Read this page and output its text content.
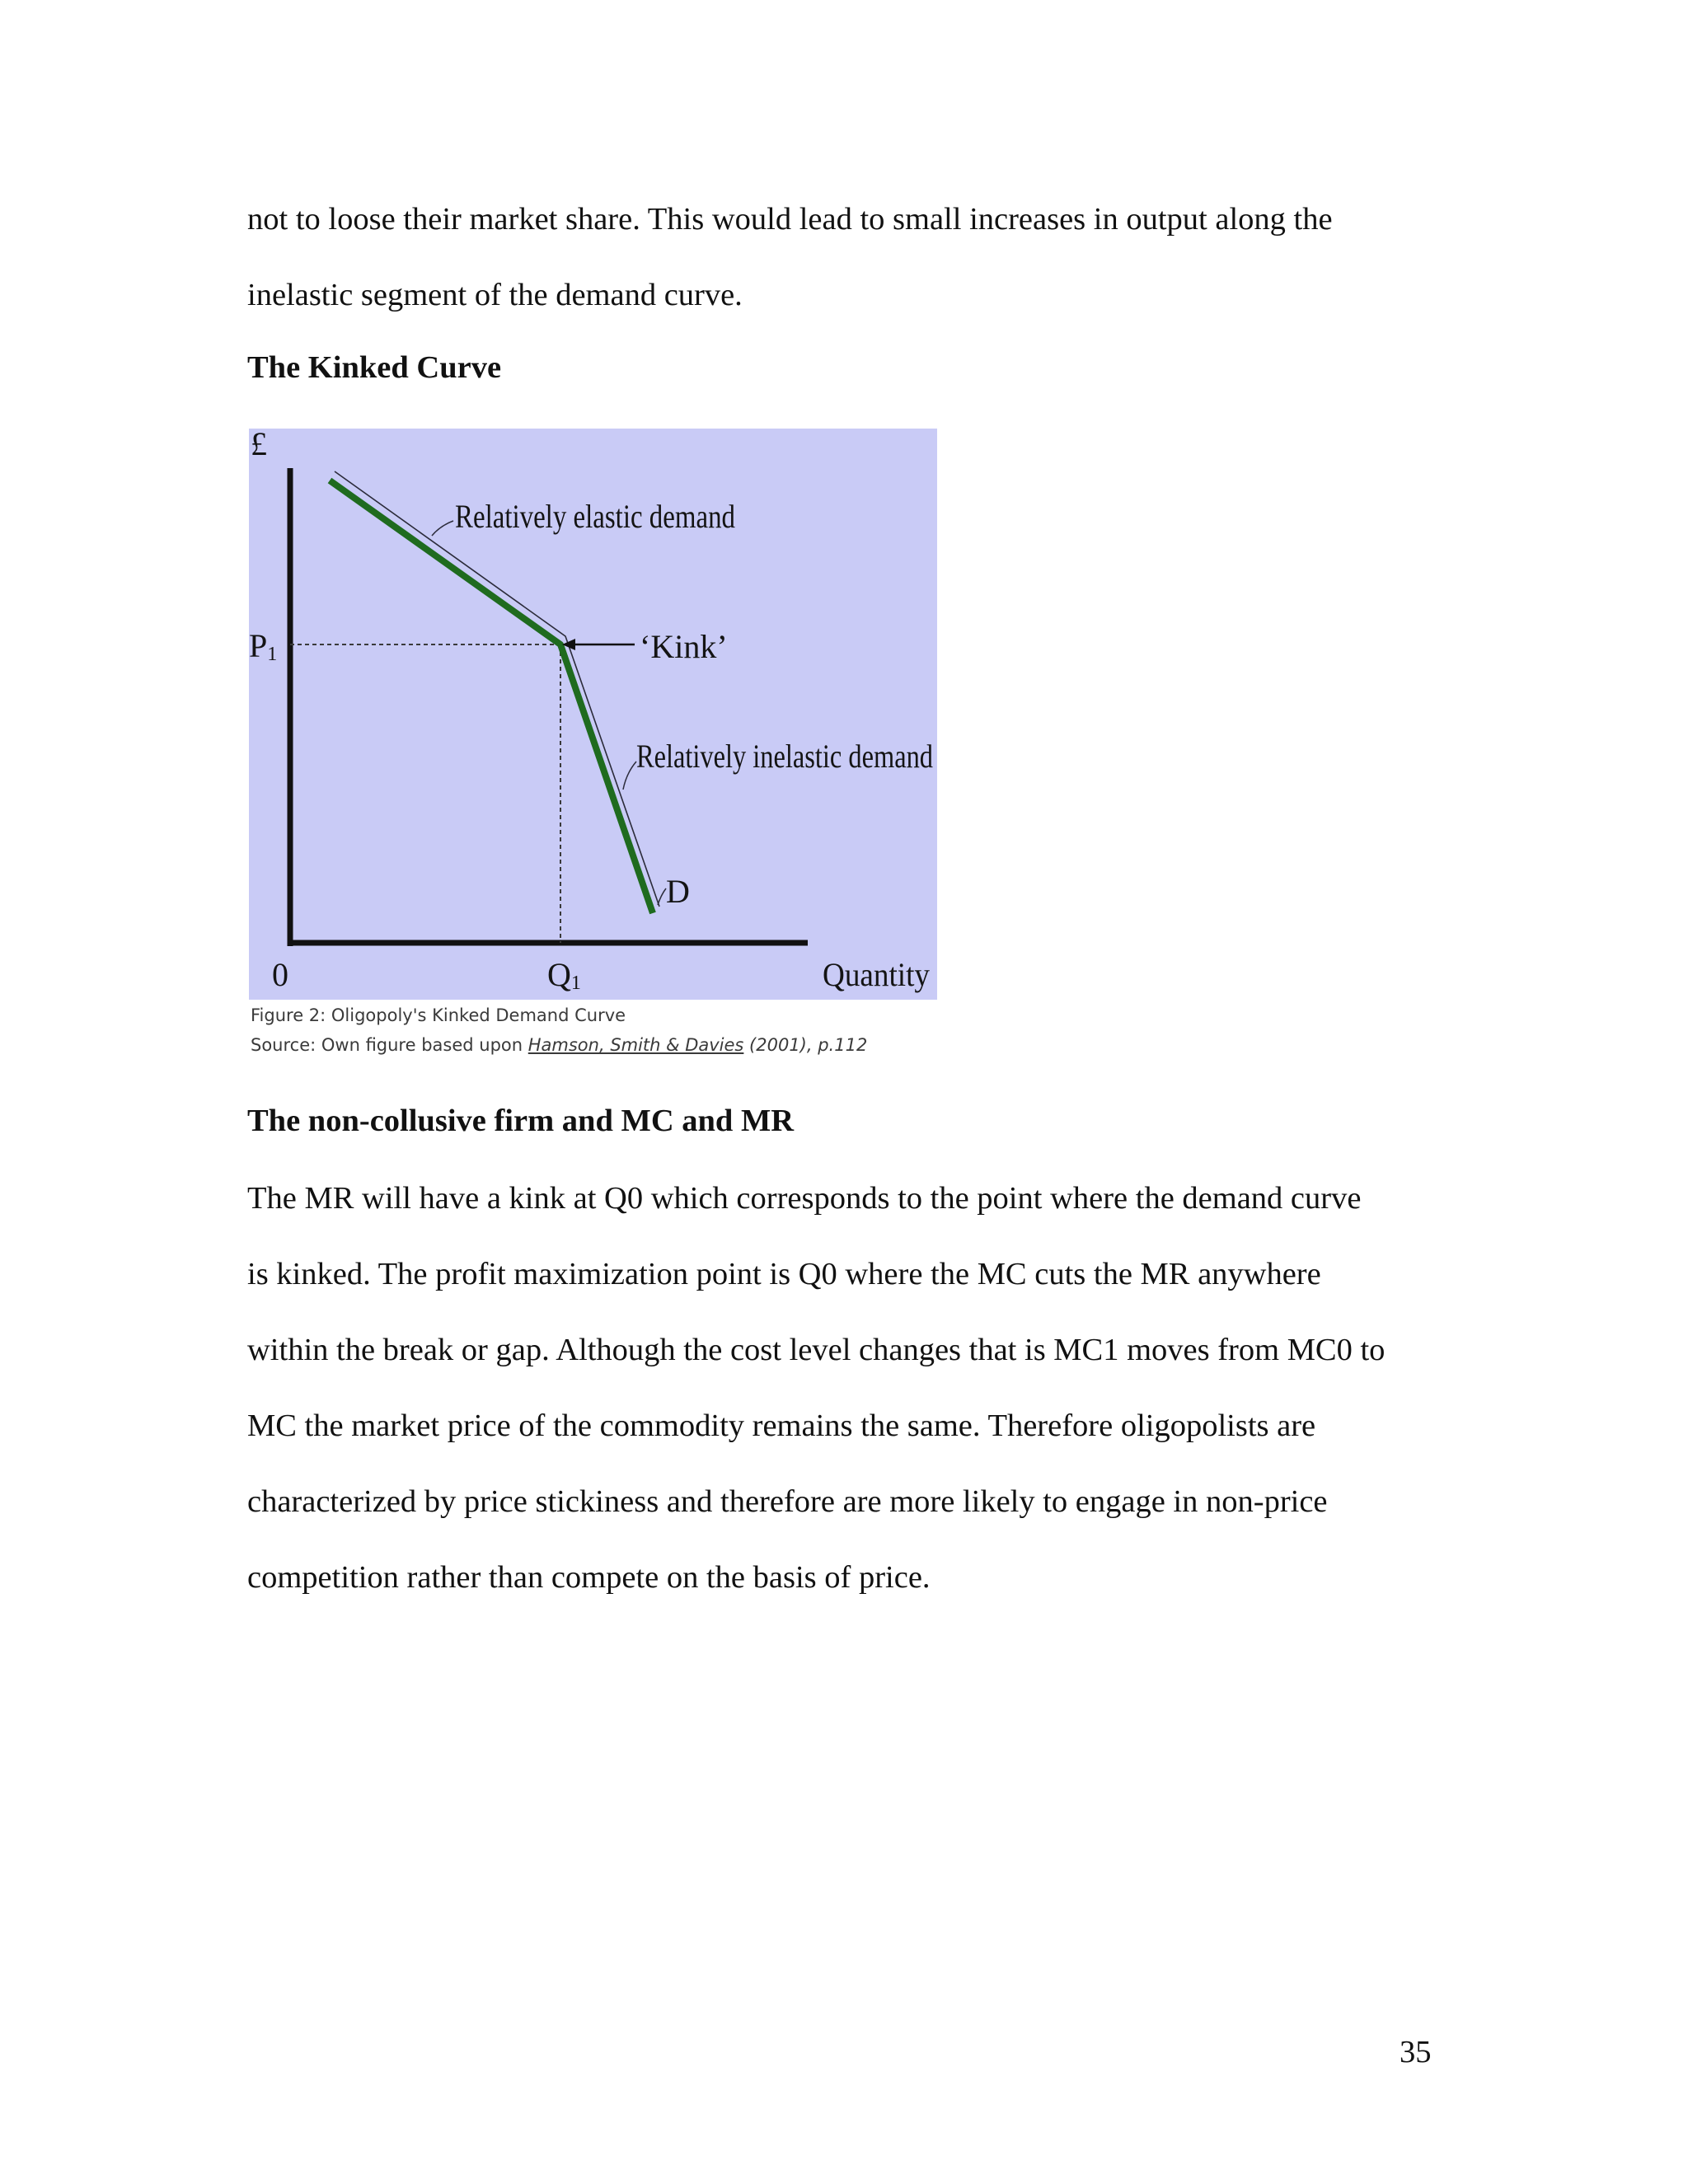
not to loose their market share. This would lead to small increases in output along the
inelastic segment of the demand curve.

The Kinked Curve
£
P1
0	Q1	Quantity
Relatively elastic demand
‘Kink’
Relatively inelastic demand
D

Figure 2: Oligopoly's Kinked Demand Curve

Source: Own figure based upon Hamson, Smith & Davies (2001), p.112

The non-collusive firm and MC and MR

The MR will have a kink at Q0 which corresponds to the point where the demand curve
is kinked. The profit maximization point is Q0 where the MC cuts the MR anywhere
within the break or gap. Although the cost level changes that is MC1 moves from MC0 to
MC the market price of the commodity remains the same. Therefore oligopolists are
characterized by price stickiness and therefore are more likely to engage in non-price
competition rather than compete on the basis of price.

35
